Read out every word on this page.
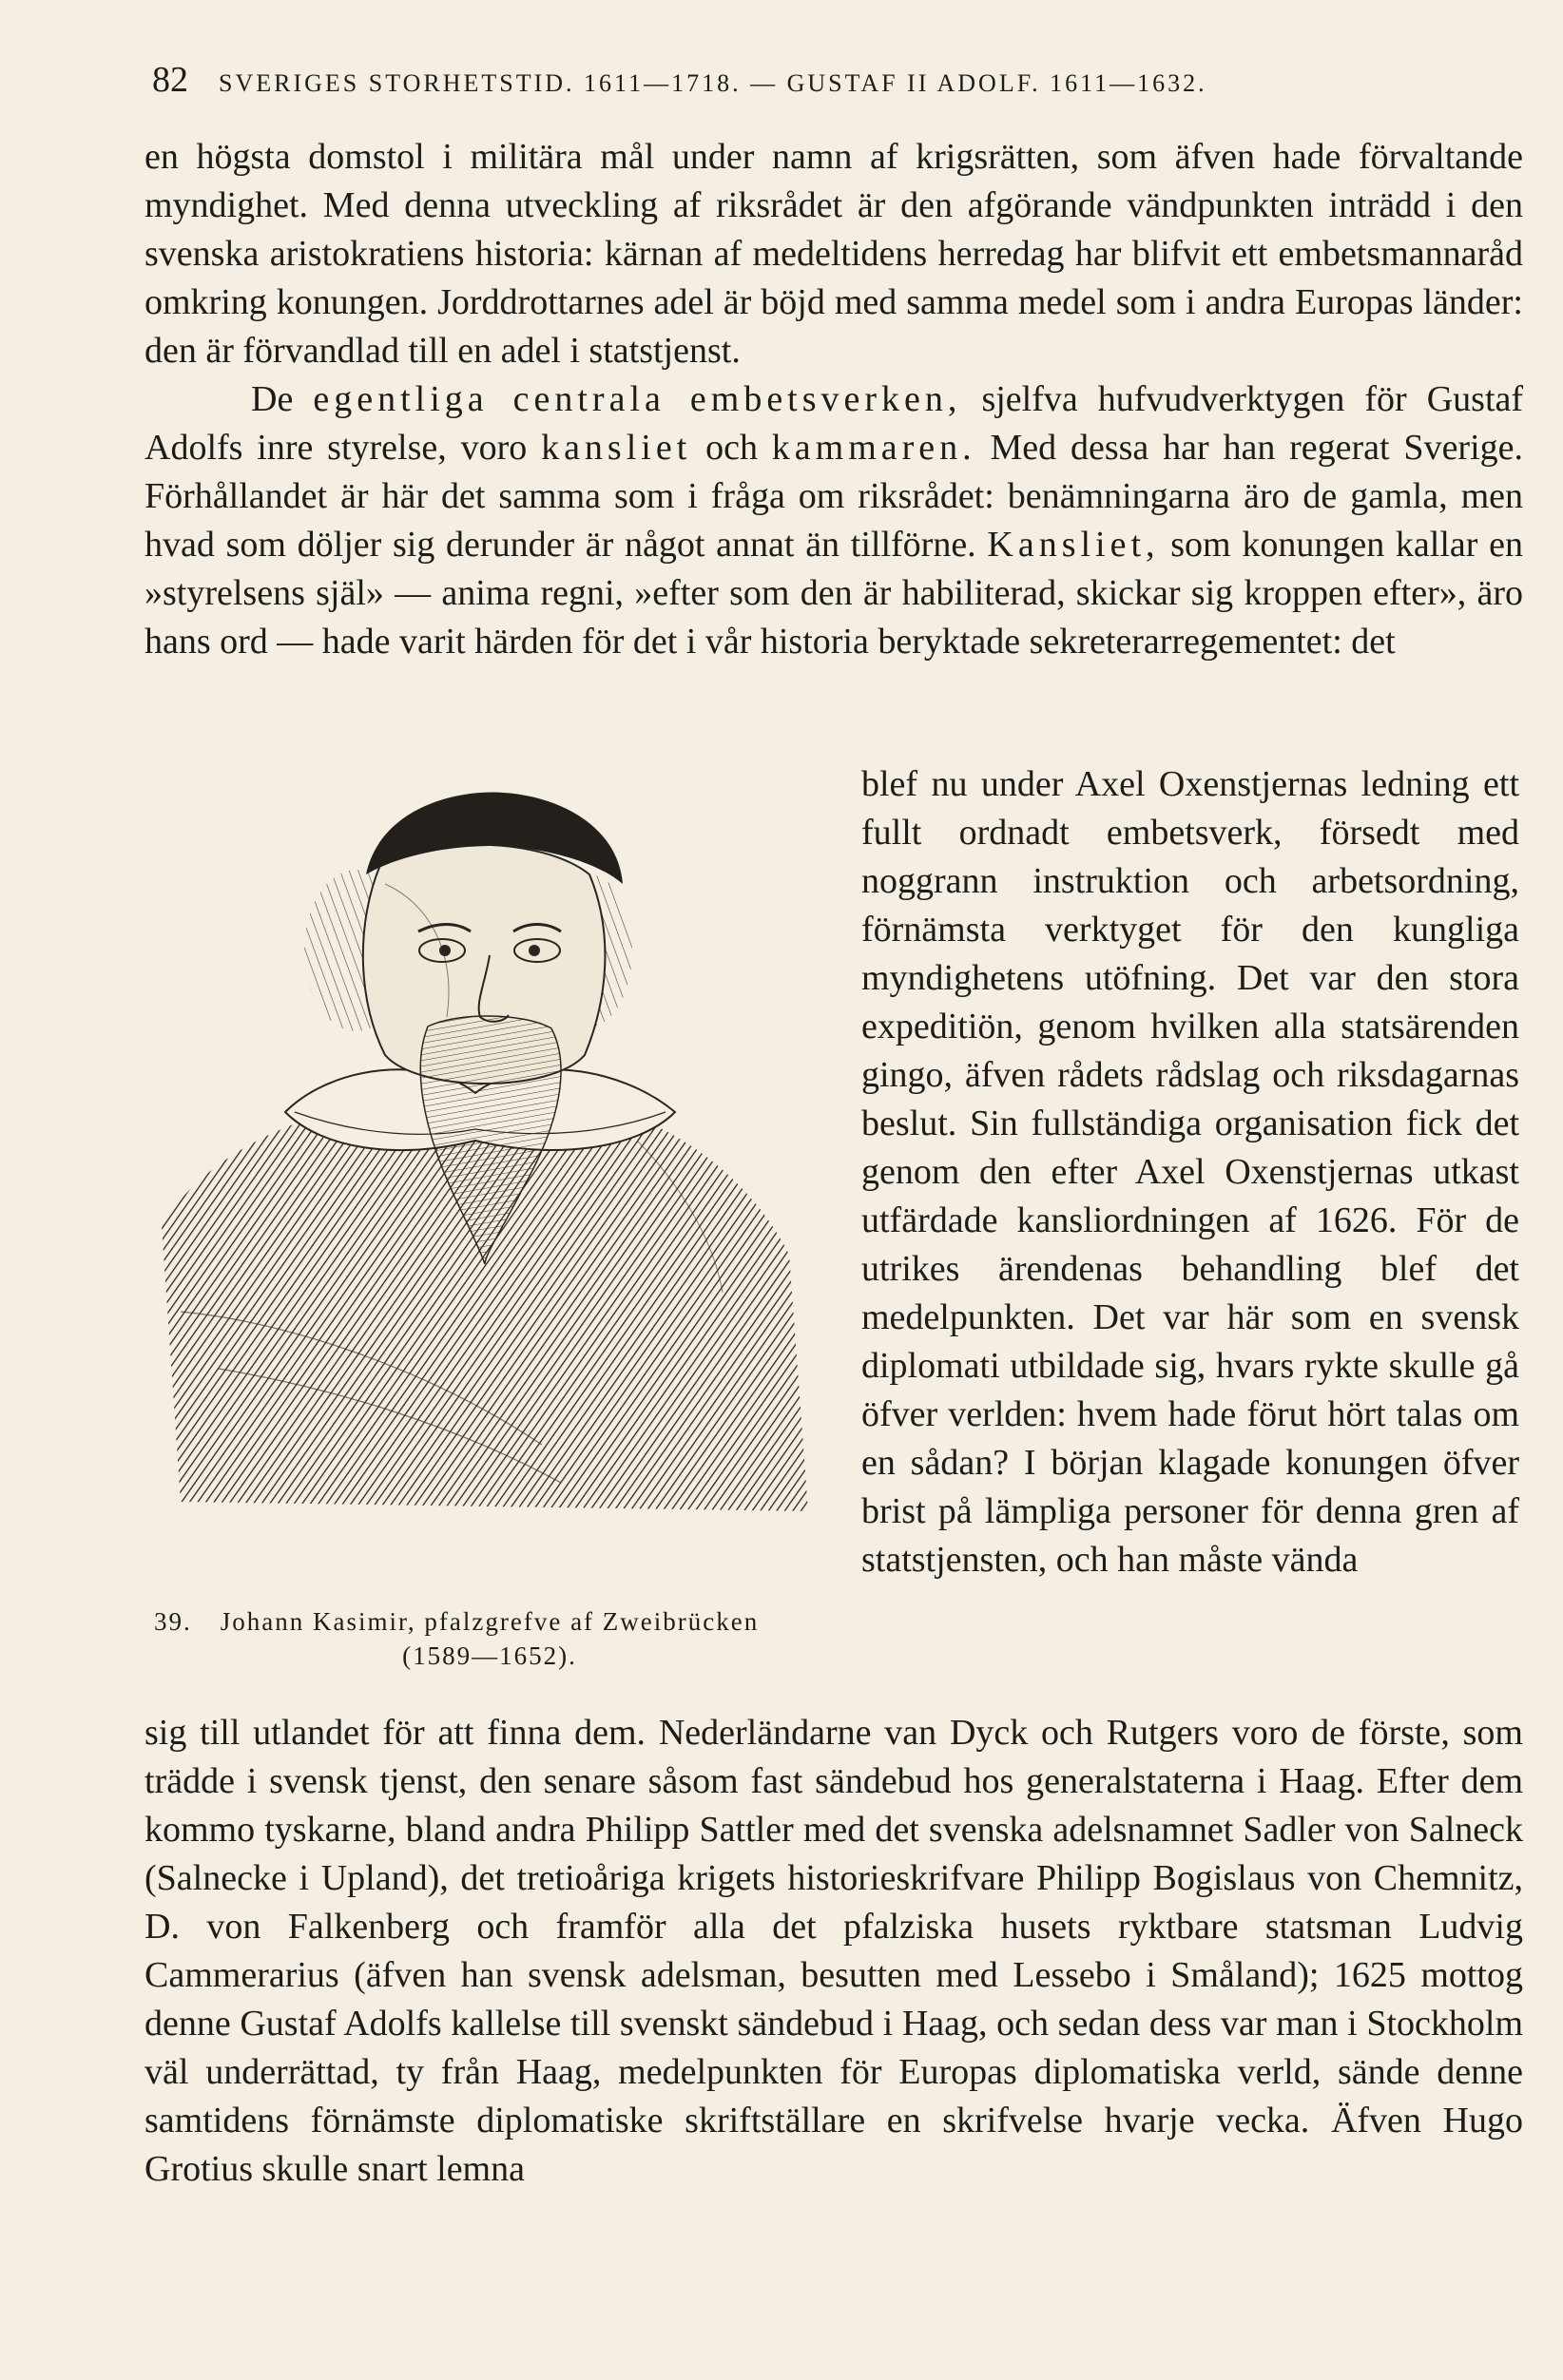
82 SVERIGES STORHETSTID. 1611—1718. — GUSTAF II ADOLF. 1611—1632.

en högsta domstol i militära mål under namn af krigsrätten, som äfven hade förvaltande myndighet. Med denna utveckling af riksrådet är den afgörande vändpunkten inträdd i den svenska aristokratiens historia: kärnan af medeltidens herredag har blifvit ett embetsmannaråd omkring konungen. Jorddrottarnes adel är böjd med samma medel som i andra Europas länder: den är förvandlad till en adel i statstjenst.

De egentliga centrala embetsverken, sjelfva hufvudverktygen för Gustaf Adolfs inre styrelse, voro kansliet och kammaren. Med dessa har han regerat Sverige. Förhållandet är här det samma som i fråga om riksrådet: benämningarna äro de gamla, men hvad som döljer sig derunder är något annat än tillförne. Kansliet, som konungen kallar en »styrelsens själ» — anima regni, »efter som den är habiliterad, skickar sig kroppen efter», äro hans ord — hade varit härden för det i vår historia beryktade sekreterarregementet: det

39.	Johann Kasimir, pfalzgrefve af Zweibrücken
(1589—1652).

blef nu under Axel Oxenstjernas ledning ett fullt ordnadt embetsverk, försedt med noggrann instruktion och arbetsordning, förnämsta verktyget för den kungliga myndighetens utöfning. Det var den stora expeditiön, genom hvilken alla statsärenden gingo, äfven rådets rådslag och riksdagarnas beslut. Sin fullständiga organisation fick det genom den efter Axel Oxenstjernas utkast utfärdade kansliordningen af 1626. För de utrikes ärendenas behandling blef det medelpunkten. Det var här som en svensk diplomati utbildade sig, hvars rykte skulle gå öfver verlden: hvem hade förut hört talas om en sådan? I början klagade konungen öfver brist på lämpliga personer för denna gren af statstjensten, och han måste vända

sig till utlandet för att finna dem. Nederländarne van Dyck och Rutgers voro de förste, som trädde i svensk tjenst, den senare såsom fast sändebud hos generalstaterna i Haag. Efter dem kommo tyskarne, bland andra Philipp Sattler med det svenska adelsnamnet Sadler von Salneck (Salnecke i Upland), det tretioåriga krigets historieskrifvare Philipp Bogislaus von Chemnitz, D. von Falkenberg och framför alla det pfalziska husets ryktbare statsman Ludvig Cammerarius (äfven han svensk adelsman, besutten med Lessebo i Småland); 1625 mottog denne Gustaf Adolfs kallelse till svenskt sändebud i Haag, och sedan dess var man i Stockholm väl underrättad, ty från Haag, medelpunkten för Europas diplomatiska verld, sände denne samtidens förnämste diplomatiske skriftställare en skrifvelse hvarje vecka. Äfven Hugo Grotius skulle snart lemna
